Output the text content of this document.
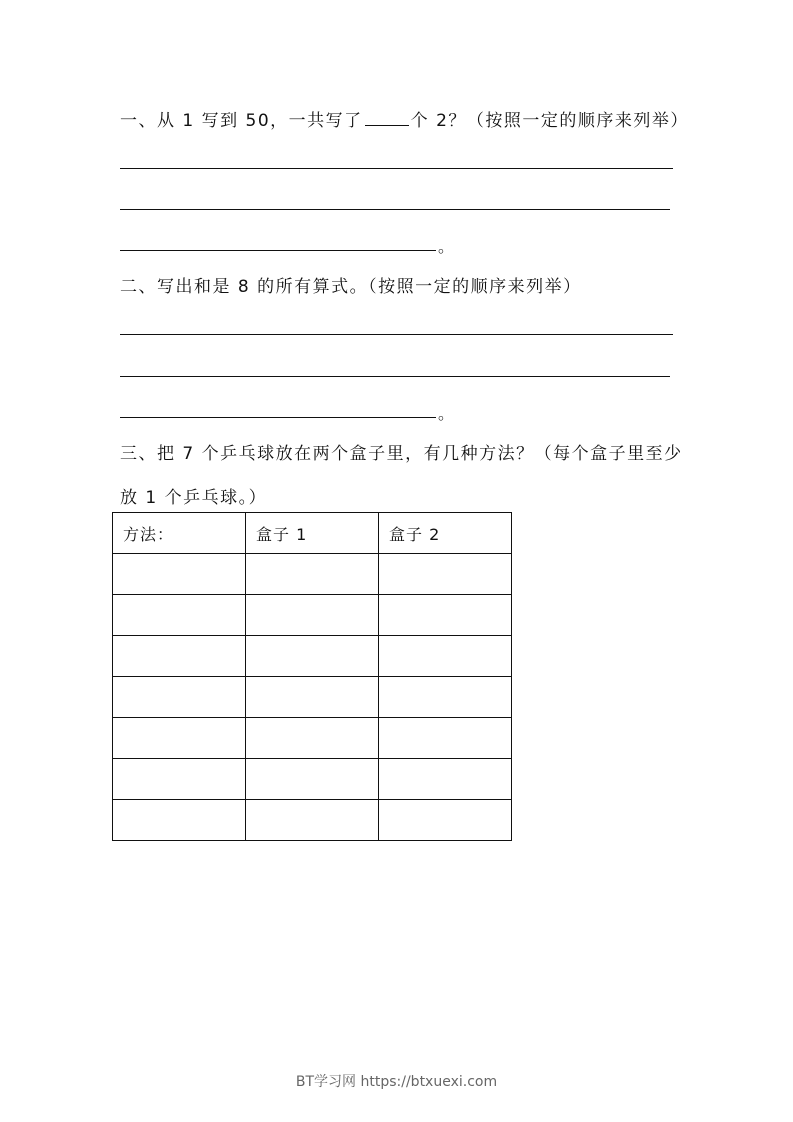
一、从 1 写到 50，一共写了	个 2？（按照一定的顺序来列举）
。
二、写出和是 8 的所有算式。（按照一定的顺序来列举）
。
三、把 7 个乒乓球放在两个盒子里，有几种方法？（每个盒子里至少
放 1 个乒乓球。）
方法：	盒子 1	盒子 2

BT学习网 https://btxuexi.com
